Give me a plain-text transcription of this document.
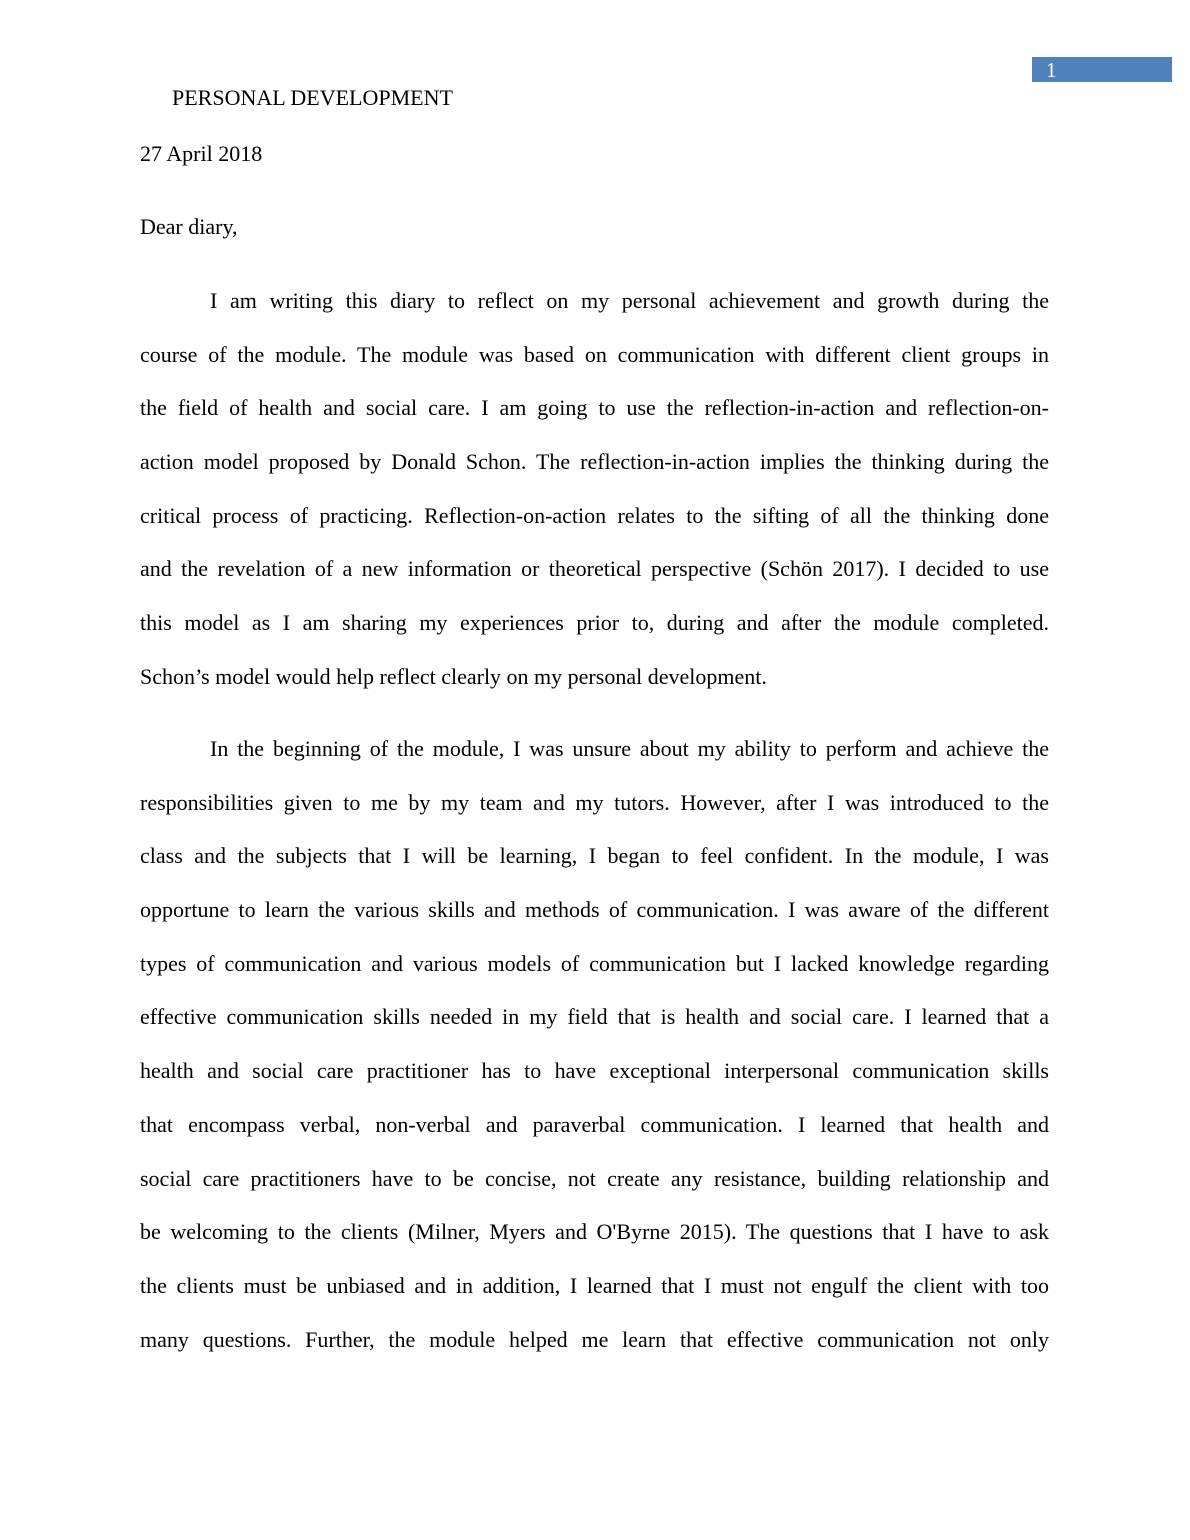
1
PERSONAL DEVELOPMENT
27 April 2018
Dear diary,
I am writing this diary to reflect on my personal achievement and growth during the
course of the module. The module was based on communication with different client groups in
the field of health and social care. I am going to use the reflection-in-action and reflection-on-
action model proposed by Donald Schon. The reflection-in-action implies the thinking during the
critical process of practicing. Reflection-on-action relates to the sifting of all the thinking done
and the revelation of a new information or theoretical perspective (Schön 2017). I decided to use
this model as I am sharing my experiences prior to, during and after the module completed.
Schon’s model would help reflect clearly on my personal development.
In the beginning of the module, I was unsure about my ability to perform and achieve the
responsibilities given to me by my team and my tutors. However, after I was introduced to the
class and the subjects that I will be learning, I began to feel confident. In the module, I was
opportune to learn the various skills and methods of communication. I was aware of the different
types of communication and various models of communication but I lacked knowledge regarding
effective communication skills needed in my field that is health and social care. I learned that a
health and social care practitioner has to have exceptional interpersonal communication skills
that encompass verbal, non-verbal and paraverbal communication. I learned that health and
social care practitioners have to be concise, not create any resistance, building relationship and
be welcoming to the clients (Milner, Myers and O'Byrne 2015). The questions that I have to ask
the clients must be unbiased and in addition, I learned that I must not engulf the client with too
many questions. Further, the module helped me learn that effective communication not only
